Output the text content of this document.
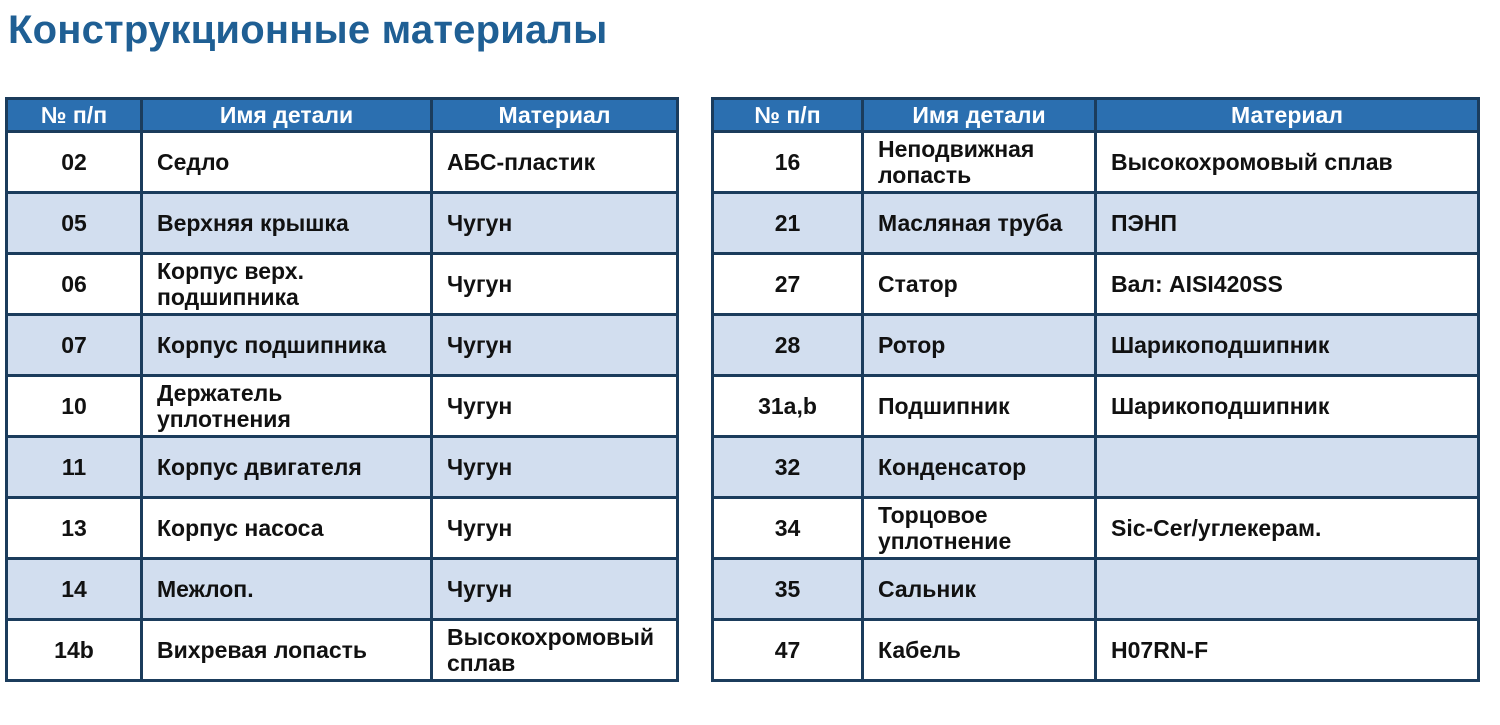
Конструкционные материалы
№ п/п	Имя детали	Материал
02	Седло	АБС-пластик
05	Верхняя крышка	Чугун
06	Корпус верх. подшипника	Чугун
07	Корпус подшипника	Чугун
10	Держатель уплотнения	Чугун
11	Корпус двигателя	Чугун
13	Корпус насоса	Чугун
14	Межлоп.	Чугун
14b	Вихревая лопасть	Высокохромовый сплав
№ п/п	Имя детали	Материал
16	Неподвижная лопасть	Высокохромовый сплав
21	Масляная труба	ПЭНП
27	Статор	Вал: AISI420SS
28	Ротор	Шарикоподшипник
31a,b	Подшипник	Шарикоподшипник
32	Конденсатор	
34	Торцовое уплотнение	Sic-Cer/углекерам.
35	Сальник	
47	Кабель	H07RN-F
